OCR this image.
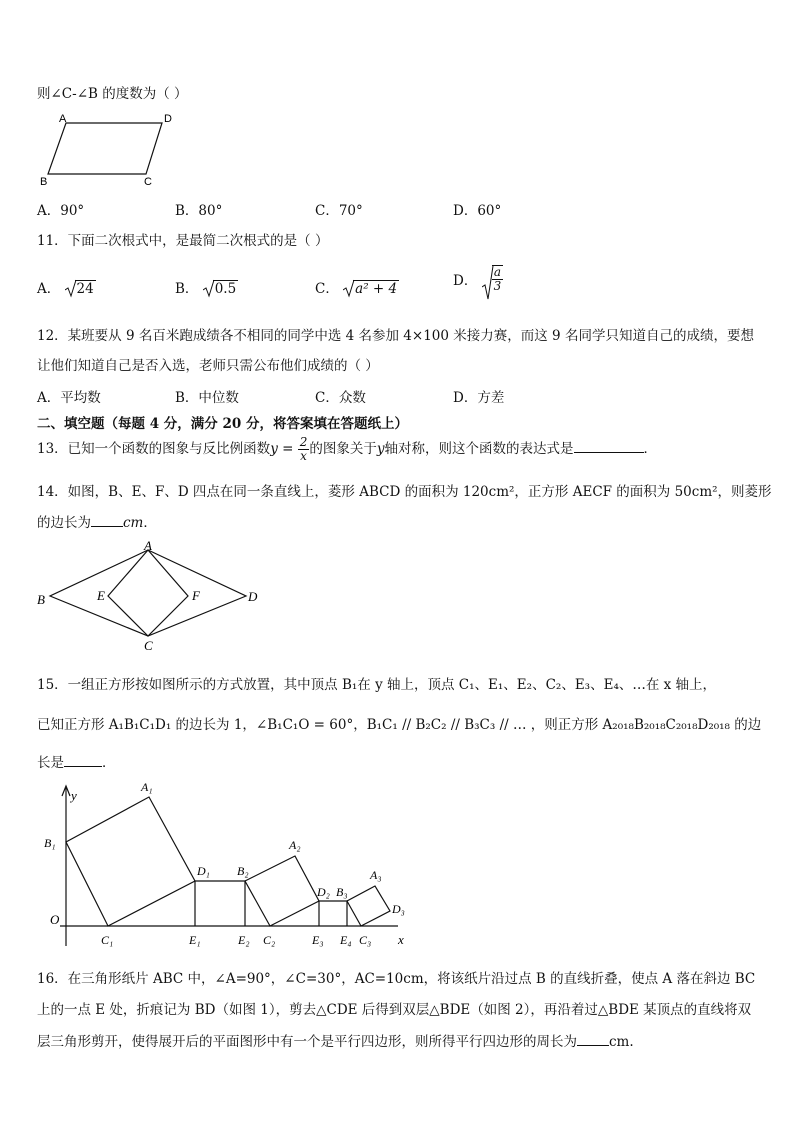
则∠C-∠B 的度数为（ ）
A	D
B	C
A．90°	B．80°	C．70°	D．60°
11．下面二次根式中，是最简二次根式的是（ ）
A． 24	B． 0.5	C． a² + 4	D． $\frac{a}{3}$
12．某班要从 9 名百米跑成绩各不相同的同学中选 4 名参加 4×100 米接力赛，而这 9 名同学只知道自己的成绩，要想
让他们知道自己是否入选，老师只需公布他们成绩的（ ）
A．平均数	B．中位数	C．众数	D．方差
二、填空题（每题 4 分，满分 20 分，将答案填在答题纸上）
13．已知一个函数的图象与反比例函数$y = \frac{2}{x}$ 的图象关于y轴对称，则这个函数的表达式是	．
14．如图，B、E、F、D 四点在同一条直线上，菱形 ABCD 的面积为 120cm²，正方形 AECF 的面积为 50cm²，则菱形
的边长为 cm．
A
B
C
D
E	F
15．一组正方形按如图所示的方式放置，其中顶点 B₁在 y 轴上，顶点 C₁、E₁、E₂、C₂、E₃、E₄、…在 x 轴上，
已知正方形 A₁B₁C₁D₁ 的边长为 1，∠B₁C₁O = 60°，B₁C₁ // B₂C₂ // B₃C₃ // … ，则正方形 A₂₀₁₈B₂₀₁₈C₂₀₁₈D₂₀₁₈ 的边
长是	．
y
x
O
A₁
B₁
C₁
D₁
E₁
B₂
E₂ C₂
A₂
D₂ B₃
E₃ E₄ C₃
A₃
D₃
16．在三角形纸片 ABC 中，∠A=90°，∠C=30°，AC=10cm，将该纸片沿过点 B 的直线折叠，使点 A 落在斜边 BC
上的一点 E 处，折痕记为 BD（如图 1），剪去△CDE 后得到双层△BDE（如图 2），再沿着过△BDE 某顶点的直线将双
层三角形剪开，使得展开后的平面图形中有一个是平行四边形，则所得平行四边形的周长为 cm.
